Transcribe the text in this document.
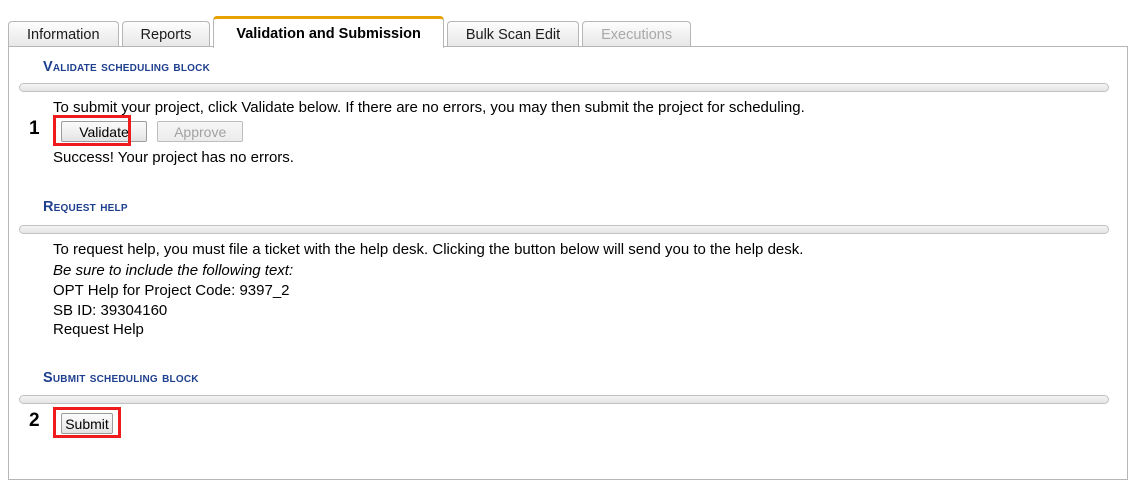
Information	Reports	Validation and Submission	Bulk Scan Edit	Executions
Validate scheduling block
To submit your project, click Validate below. If there are no errors, you may then submit the project for scheduling.
Validate	Approve
1
Success! Your project has no errors.
Request help
To request help, you must file a ticket with the help desk. Clicking the button below will send you to the help desk.
Be sure to include the following text:
OPT Help for Project Code: 9397_2
SB ID: 39304160
Request Help
Submit scheduling block
Submit
2
